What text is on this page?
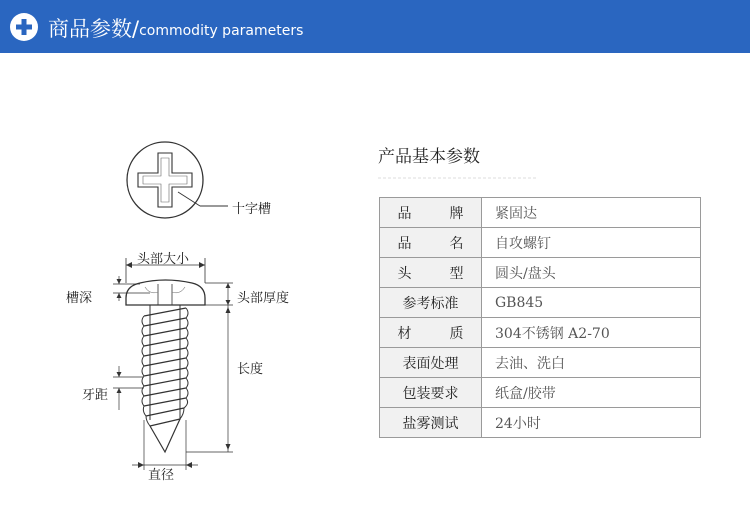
商品参数/commodity parameters
十字槽
头部大小
槽深	头部厚度
长度
牙距
直径
产品基本参数
品牌	紧固达
品名	自攻螺钉
头型	圆头/盘头
参考标准	GB845
材质	304不锈钢 A2-70
表面处理	去油、洗白
包装要求	纸盒/胶带
盐雾测试	24小时
